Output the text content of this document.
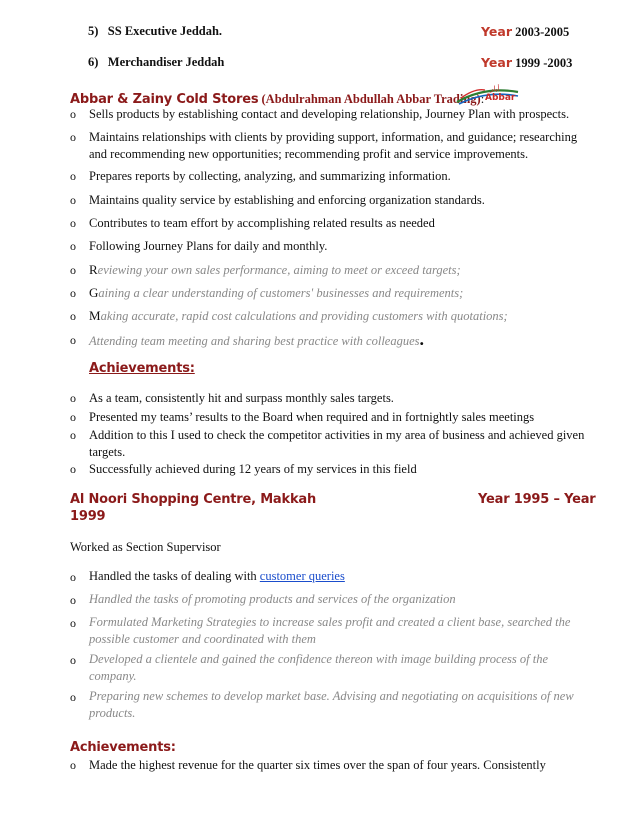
5) SS Executive Jeddah.	Year 2003-2005
6) Merchandiser Jeddah	Year 1999 -2003
Abbar & Zainy Cold Stores (Abdulrahman Abdullah Abbar Trading):
أبار
Abbar
o	Sells products by establishing contact and developing relationship, Journey Plan with prospects.
o	Maintains relationships with clients by providing support, information, and guidance; researching and recommending new opportunities; recommending profit and service improvements.
o	Prepares reports by collecting, analyzing, and summarizing information.
o	Maintains quality service by establishing and enforcing organization standards.
o	Contributes to team effort by accomplishing related results as needed
o	Following Journey Plans for daily and monthly.
o	Reviewing your own sales performance, aiming to meet or exceed targets;
o	Gaining a clear understanding of customers' businesses and requirements;
o	Making accurate, rapid cost calculations and providing customers with quotations;
o	Attending team meeting and sharing best practice with colleagues.
Achievements:
o	As a team, consistently hit and surpass monthly sales targets.
o	Presented my teams’ results to the Board when required and in fortnightly sales meetings
o	Addition to this I used to check the competitor activities in my area of business and achieved given targets.
o	Successfully achieved during 12 years of my services in this field
Al Noori Shopping Centre, Makkah	Year 1995 – Year
1999
Worked as Section Supervisor
o	Handled the tasks of dealing with customer queries
o	Handled the tasks of promoting products and services of the organization
o	Formulated Marketing Strategies to increase sales profit and created a client base, searched the possible customer and coordinated with them
o	Developed a clientele and gained the confidence thereon with image building process of the company.
o	Preparing new schemes to develop market base. Advising and negotiating on acquisitions of new products.
Achievements:
o	Made the highest revenue for the quarter six times over the span of four years. Consistently
